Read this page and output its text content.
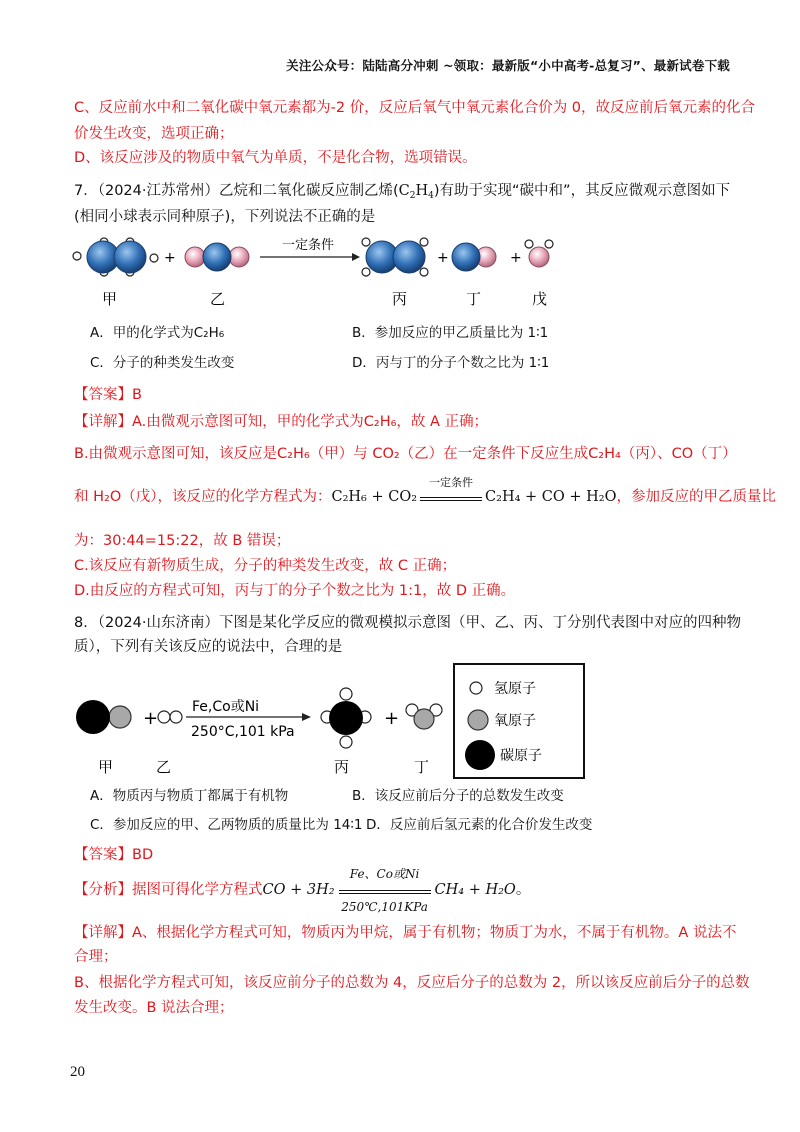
关注公众号：陆陆高分冲刺 ~领取：最新版“小中高考-总复习”、最新试卷下载
C、反应前水中和二氧化碳中氧元素都为-2 价，反应后氧气中氧元素化合价为 0，故反应前后氧元素的化合
价发生改变，选项正确；
D、该反应涉及的物质中氧气为单质，不是化合物，选项错误。
7．（2024·江苏常州）乙烷和二氧化碳反应制乙烯$(C_2H_4)$有助于实现“碳中和”，其反应微观示意图如下
(相同小球表示同种原子)，下列说法不正确的是
+
一定条件
+	+
甲	乙	丙	丁	戊
A．甲的化学式为C₂H₆	B．参加反应的甲乙质量比为 1∶1
C．分子的种类发生改变	D．丙与丁的分子个数之比为 1∶1
【答案】B
【详解】A.由微观示意图可知，甲的化学式为C₂H₆，故 A 正确；
B.由微观示意图可知，该反应是C₂H₆（甲）与 CO₂（乙）在一定条件下反应生成C₂H₄（丙）、CO（丁）
和 H₂O（戊），该反应的化学方程式为：C₂H₆ + CO₂
一定条件
C₂H₄ + CO + H₂O，参加反应的甲乙质量比
为：30:44=15:22，故 B 错误；
C.该反应有新物质生成，分子的种类发生改变，故 C 正确；
D.由反应的方程式可知，丙与丁的分子个数之比为 1:1，故 D 正确。
8．（2024·山东济南）下图是某化学反应的微观模拟示意图（甲、乙、丙、丁分别代表图中对应的四种物
质），下列有关该反应的说法中，合理的是
+
Fe,Co或Ni
250°C,101 kPa
+
甲	乙	丙	丁
氢原子
氧原子
碳原子
A．物质丙与物质丁都属于有机物	B．该反应前后分子的总数发生改变
C．参加反应的甲、乙两物质的质量比为 14∶1 D．反应前后氢元素的化合价发生改变
【答案】BD
【分析】据图可得化学方程式CO + 3H₂
Fe、Co或Ni
250℃,101KPa
CH₄ + H₂O。
【详解】A、根据化学方程式可知，物质丙为甲烷，属于有机物；物质丁为水，不属于有机物。A 说法不
合理；
B、根据化学方程式可知，该反应前分子的总数为 4，反应后分子的总数为 2，所以该反应前后分子的总数
发生改变。B 说法合理；
20
